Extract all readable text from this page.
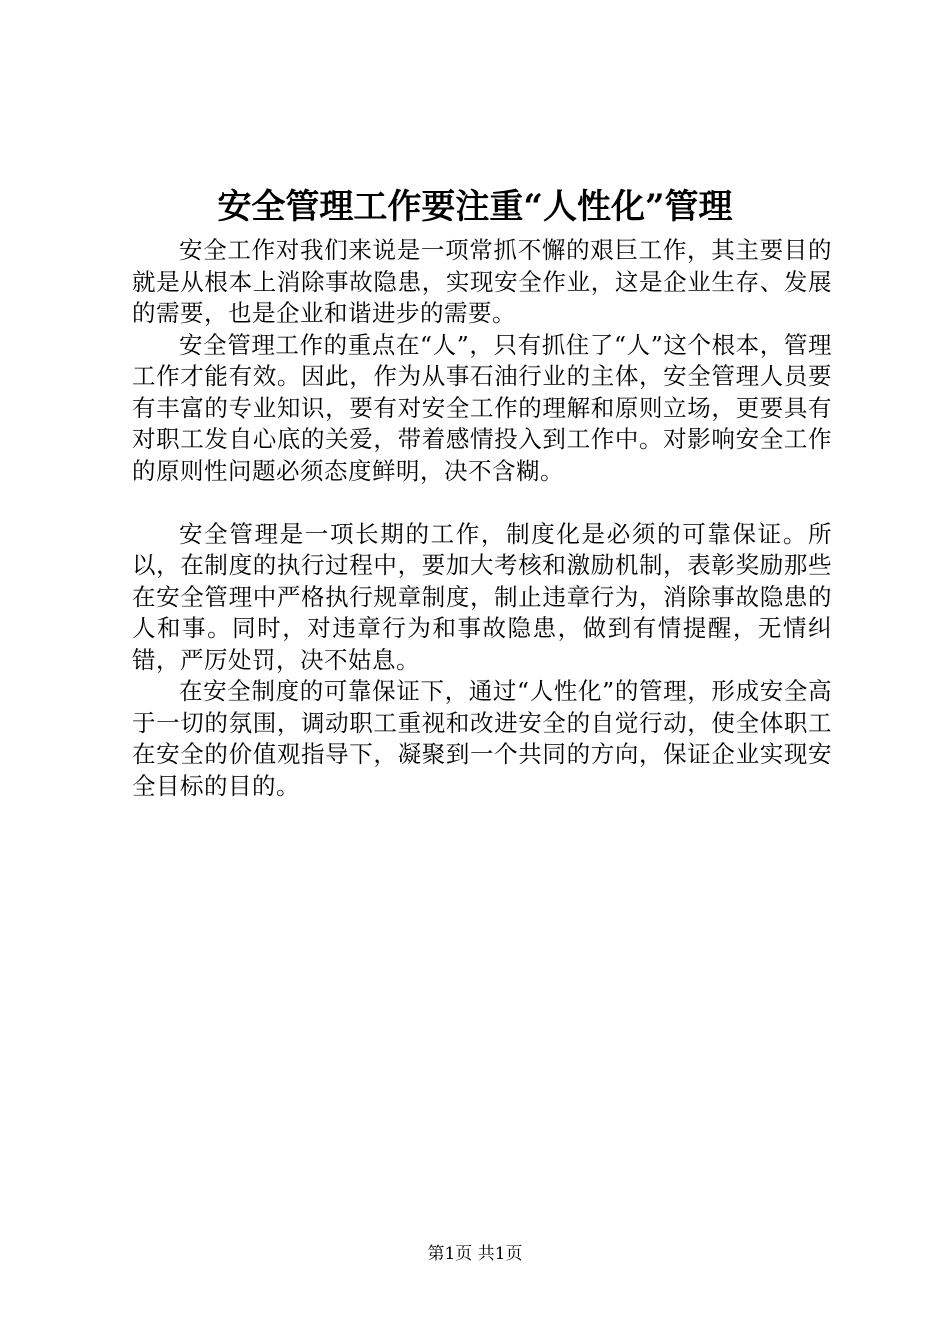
安全管理工作要注重“人性化”管理

安全工作对我们来说是一项常抓不懈的艰巨工作，其主要目的就是从根本上消除事故隐患，实现安全作业，这是企业生存、发展的需要，也是企业和谐进步的需要。

安全管理工作的重点在“人”，只有抓住了“人”这个根本，管理工作才能有效。因此，作为从事石油行业的主体，安全管理人员要有丰富的专业知识，要有对安全工作的理解和原则立场，更要具有对职工发自心底的关爱，带着感情投入到工作中。对影响安全工作的原则性问题必须态度鲜明，决不含糊。

安全管理是一项长期的工作，制度化是必须的可靠保证。所以，在制度的执行过程中，要加大考核和激励机制，表彰奖励那些在安全管理中严格执行规章制度，制止违章行为，消除事故隐患的人和事。同时，对违章行为和事故隐患，做到有情提醒，无情纠错，严厉处罚，决不姑息。

在安全制度的可靠保证下，通过“人性化”的管理，形成安全高于一切的氛围，调动职工重视和改进安全的自觉行动，使全体职工在安全的价值观指导下，凝聚到一个共同的方向，保证企业实现安全目标的目的。

第1页 共1页
